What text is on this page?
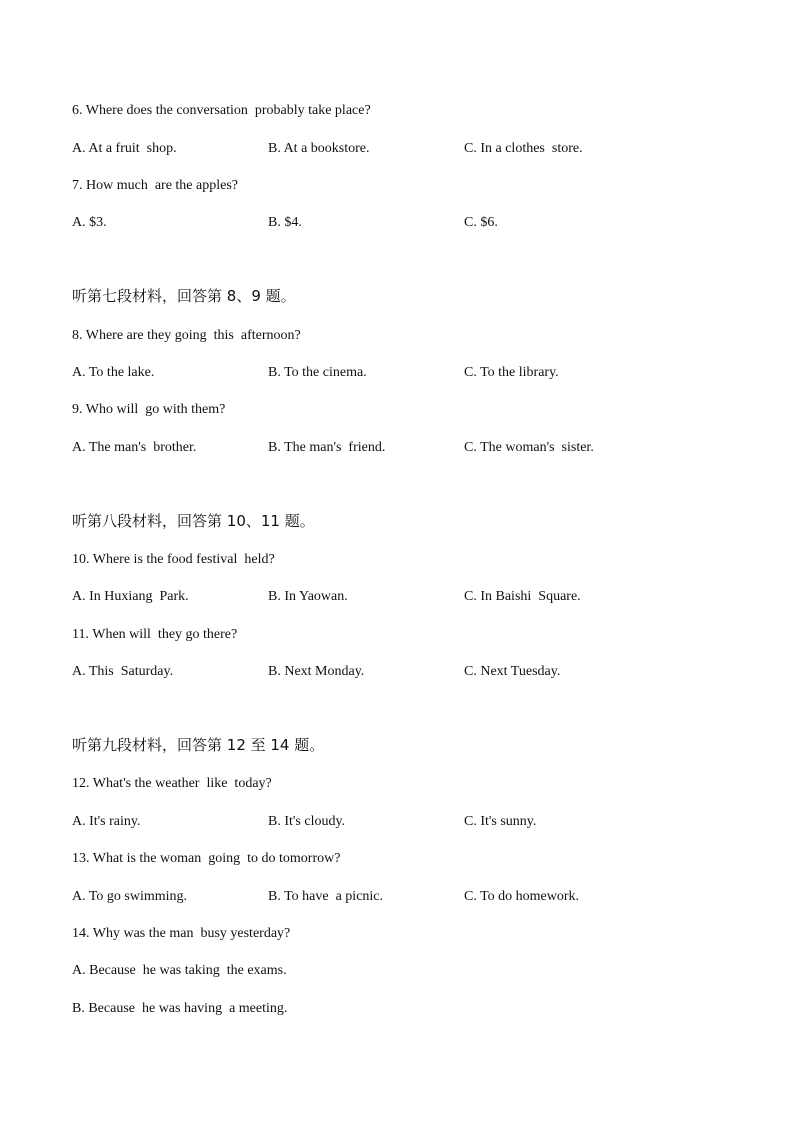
6. Where does the conversation  probably take place?
A. At a fruit  shop.	B. At a bookstore.	C. In a clothes  store.
7. How much  are the apples?
A. $3.	B. $4.	C. $6.
听第七段材料，回答第 8、9 题。
8. Where are they going  this  afternoon?
A. To the lake.	B. To the cinema.	C. To the library.
9. Who will  go with them?
A. The man's  brother.	B. The man's  friend.	C. The woman's  sister.
听第八段材料，回答第 10、11 题。
10. Where is the food festival  held?
A. In Huxiang  Park.	B. In Yaowan.	C. In Baishi  Square.
11. When will  they go there?
A. This  Saturday.	B. Next Monday.	C. Next Tuesday.
听第九段材料，回答第 12 至 14 题。
12. What's the weather  like  today?
A. It's rainy.	B. It's cloudy.	C. It's sunny.
13. What is the woman  going  to do tomorrow?
A. To go swimming.	B. To have  a picnic.	C. To do homework.
14. Why was the man  busy yesterday?
A. Because  he was taking  the exams.
B. Because  he was having  a meeting.
